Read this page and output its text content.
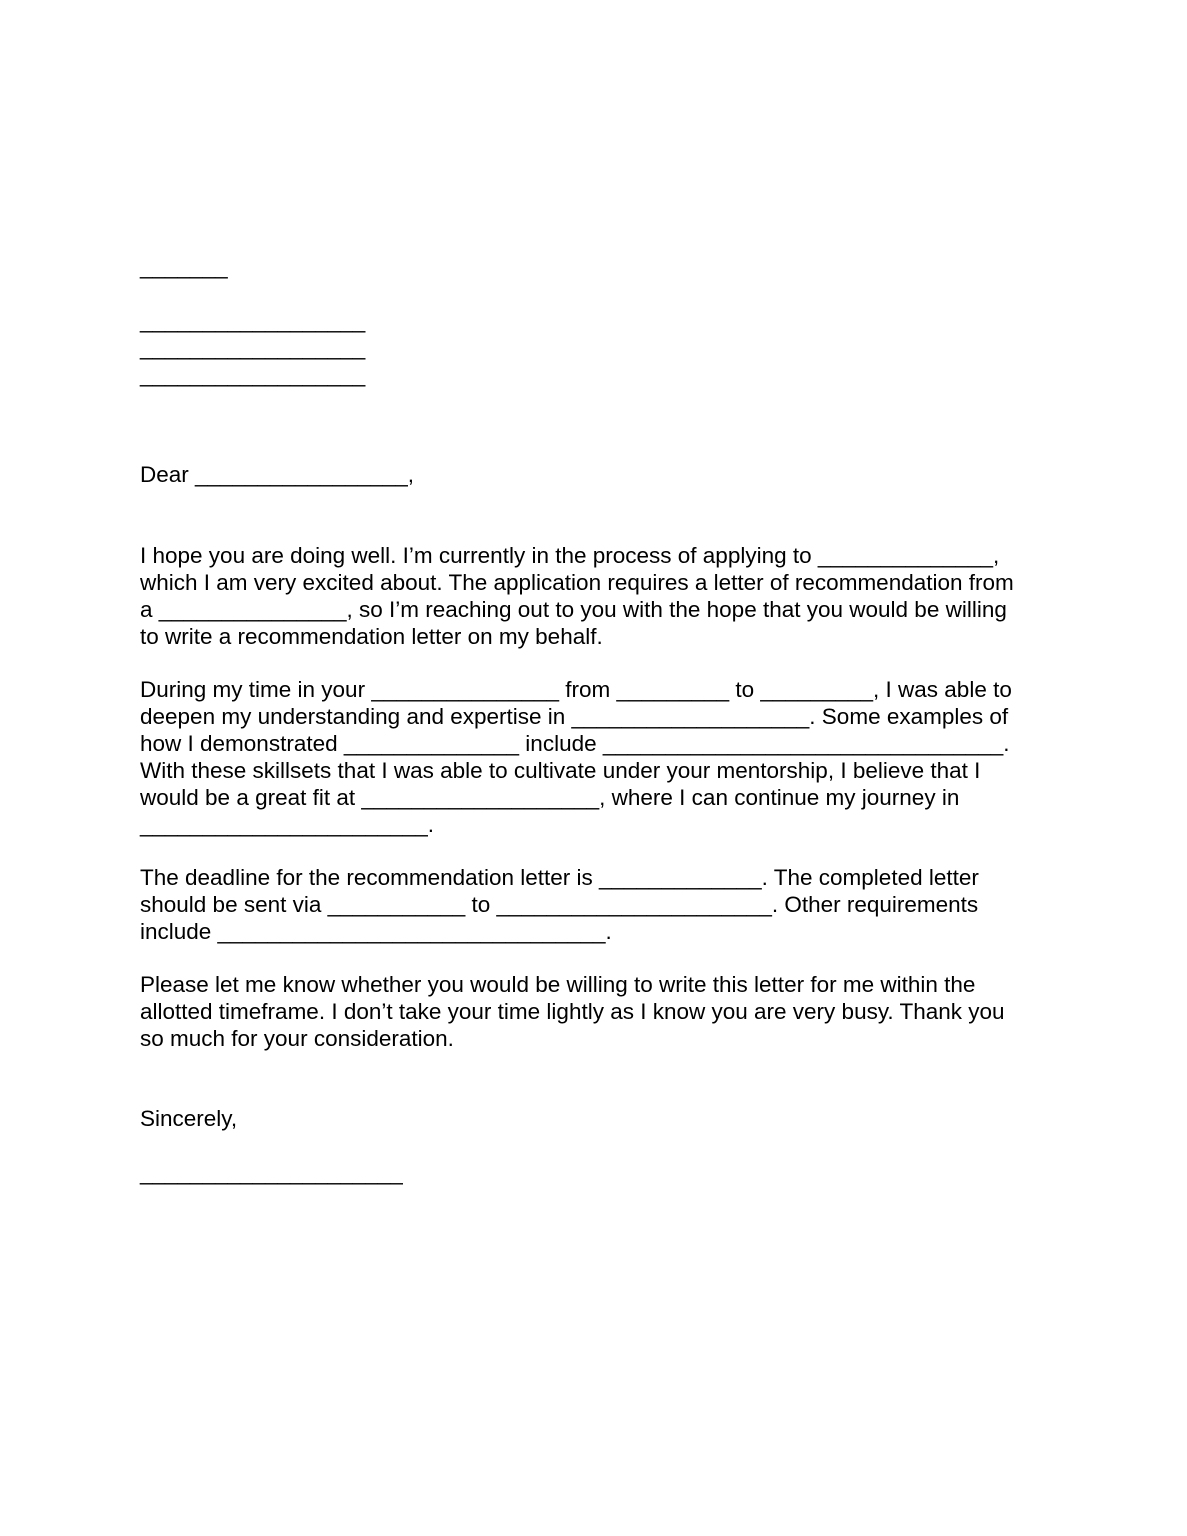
_______
__________________
__________________
__________________
Dear _________________,
I hope you are doing well. I’m currently in the process of applying to ______________,
which I am very excited about. The application requires a letter of recommendation from
a _______________, so I’m reaching out to you with the hope that you would be willing
to write a recommendation letter on my behalf.
During my time in your _______________ from _________ to _________, I was able to
deepen my understanding and expertise in ___________________. Some examples of
how I demonstrated ______________ include ________________________________.
With these skillsets that I was able to cultivate under your mentorship, I believe that I
would be a great fit at ___________________, where I can continue my journey in
_______________________.
The deadline for the recommendation letter is _____________. The completed letter
should be sent via ___________ to ______________________. Other requirements
include _______________________________.
Please let me know whether you would be willing to write this letter for me within the
allotted timeframe. I don’t take your time lightly as I know you are very busy. Thank you
so much for your consideration.
Sincerely,
_____________________
